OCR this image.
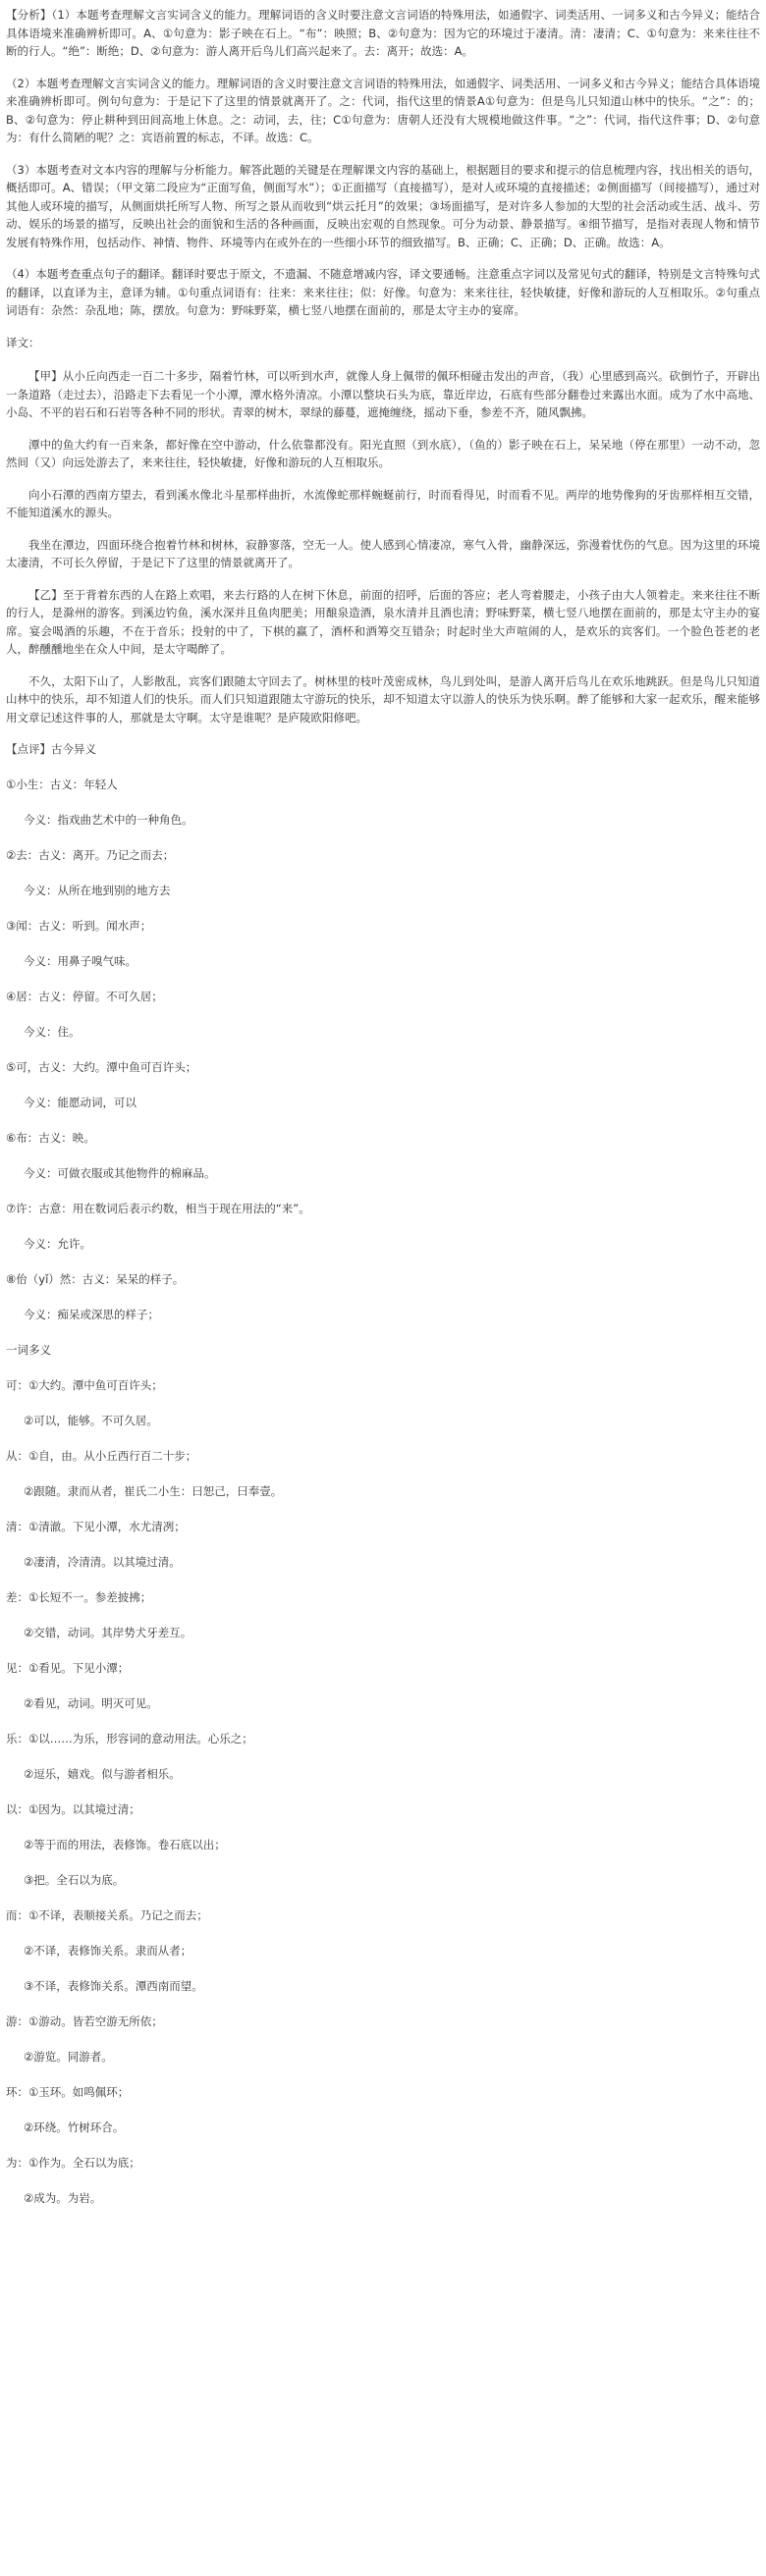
【分析】（1）本题考查理解文言实词含义的能力。理解词语的含义时要注意文言词语的特殊用法，如通假字、词类活用、一词多义和古今异义；能结合具体语境来准确辨析即可。A、①句意为：影子映在石上。“布”：映照；B、②句意为：因为它的环境过于凄清。清：凄清；C、①句意为：来来往往不断的行人。“绝”：断绝；D、②句意为：游人离开后鸟儿们高兴起来了。去：离开；故选：A。

（2）本题考查理解文言实词含义的能力。理解词语的含义时要注意文言词语的特殊用法，如通假字、词类活用、一词多义和古今异义；能结合具体语境来准确辨析即可。例句句意为：于是记下了这里的情景就离开了。之：代词，指代这里的情景A①句意为：但是鸟儿只知道山林中的快乐。“之”：的；B、②句意为：停止耕种到田间高地上休息。之：动词，去，往；C①句意为：唐朝人还没有大规模地做这件事。“之”：代词，指代这件事；D、②句意为：有什么简陋的呢？之：宾语前置的标志，不译。故选：C。

（3）本题考查对文本内容的理解与分析能力。解答此题的关键是在理解课文内容的基础上，根据题目的要求和提示的信息梳理内容，找出相关的语句，概括即可。A、错误；（甲文第二段应为“正面写鱼，侧面写水”）；①正面描写（直接描写），是对人或环境的直接描述；②侧面描写（间接描写），通过对其他人或环境的描写，从侧面烘托所写人物、所写之景从而收到“烘云托月”的效果；③场面描写，是对许多人参加的大型的社会活动或生活、战斗、劳动、娱乐的场景的描写，反映出社会的面貌和生活的各种画面，反映出宏观的自然现象。可分为动景、静景描写。④细节描写，是指对表现人物和情节发展有特殊作用，包括动作、神情、物件、环境等内在或外在的一些细小环节的细致描写。B、正确；C、正确；D、正确。故选：A。

（4）本题考查重点句子的翻译。翻译时要忠于原文，不遗漏、不随意增减内容，译文要通畅。注意重点字词以及常见句式的翻译，特别是文言特殊句式的翻译，以直译为主，意译为辅。①句重点词语有：往来：来来往往；似：好像。句意为：来来往往，轻快敏捷，好像和游玩的人互相取乐。②句重点词语有：杂然：杂乱地；陈，摆放。句意为：野味野菜，横七竖八地摆在面前的，那是太守主办的宴席。

译文：

【甲】从小丘向西走一百二十多步，隔着竹林，可以听到水声，就像人身上佩带的佩环相碰击发出的声音，（我）心里感到高兴。砍倒竹子，开辟出一条道路（走过去），沿路走下去看见一个小潭，潭水格外清凉。小潭以整块石头为底，靠近岸边，石底有些部分翻卷过来露出水面。成为了水中高地、小岛、不平的岩石和石岩等各种不同的形状。青翠的树木，翠绿的藤蔓，遮掩缠绕，摇动下垂，参差不齐，随风飘拂。

潭中的鱼大约有一百来条，都好像在空中游动，什么依靠都没有。阳光直照（到水底），（鱼的）影子映在石上，呆呆地（停在那里）一动不动，忽然间（又）向远处游去了，来来往往，轻快敏捷，好像和游玩的人互相取乐。

向小石潭的西南方望去，看到溪水像北斗星那样曲折，水流像蛇那样蜿蜒前行，时而看得见，时而看不见。两岸的地势像狗的牙齿那样相互交错，不能知道溪水的源头。

我坐在潭边，四面环绕合抱着竹林和树林，寂静寥落，空无一人。使人感到心情凄凉，寒气入骨，幽静深远，弥漫着忧伤的气息。因为这里的环境太凄清，不可长久停留，于是记下了这里的情景就离开了。

【乙】至于背着东西的人在路上欢唱，来去行路的人在树下休息，前面的招呼，后面的答应；老人弯着腰走，小孩子由大人领着走。来来往往不断的行人，是滁州的游客。到溪边钓鱼，溪水深并且鱼肉肥美；用酿泉造酒，泉水清并且酒也清；野味野菜，横七竖八地摆在面前的，那是太守主办的宴席。宴会喝酒的乐趣，不在于音乐；投射的中了，下棋的赢了，酒杯和酒筹交互错杂；时起时坐大声喧闹的人，是欢乐的宾客们。一个脸色苍老的老人，醉醺醺地坐在众人中间，是太守喝醉了。

不久，太阳下山了，人影散乱，宾客们跟随太守回去了。树林里的枝叶茂密成林，鸟儿到处叫，是游人离开后鸟儿在欢乐地跳跃。但是鸟儿只知道山林中的快乐，却不知道人们的快乐。而人们只知道跟随太守游玩的快乐，却不知道太守以游人的快乐为快乐啊。醉了能够和大家一起欢乐，醒来能够用文章记述这件事的人，那就是太守啊。太守是谁呢？是庐陵欧阳修吧。

【点评】古今异义

①小生：古义：年轻人

今义：指戏曲艺术中的一种角色。

②去：古义：离开。乃记之而去；

今义：从所在地到别的地方去

③闻：古义：听到。闻水声；

今义：用鼻子嗅气味。

④居：古义：停留。不可久居；

今义：住。

⑤可，古义：大约。潭中鱼可百许头；

今义：能愿动词，可以

⑥布：古义：映。

今义：可做衣服或其他物件的棉麻品。

⑦许：古意：用在数词后表示约数，相当于现在用法的“来”。

今义：允许。

⑧佁（yǐ）然：古义：呆呆的样子。

今义：痴呆或深思的样子；

一词多义

可：①大约。潭中鱼可百许头；

②可以，能够。不可久居。

从：①自，由。从小丘西行百二十步；

②跟随。隶而从者，崔氏二小生：曰恕己，曰奉壹。

清：①清澈。下见小潭，水尤清冽；

②凄清，冷清清。以其境过清。

差：①长短不一。参差披拂；

②交错，动词。其岸势犬牙差互。

见：①看见。下见小潭；

②看见，动词。明灭可见。

乐：①以……为乐，形容词的意动用法。心乐之；

②逗乐，嬉戏。似与游者相乐。

以：①因为。以其境过清；

②等于而的用法，表修饰。卷石底以出；

③把。全石以为底。

而：①不译，表顺接关系。乃记之而去；

②不译，表修饰关系。隶而从者；

③不译，表修饰关系。潭西南而望。

游：①游动。皆若空游无所依；

②游览。同游者。

环：①玉环。如鸣佩环；

②环绕。竹树环合。

为：①作为。全石以为底；

②成为。为岩。
